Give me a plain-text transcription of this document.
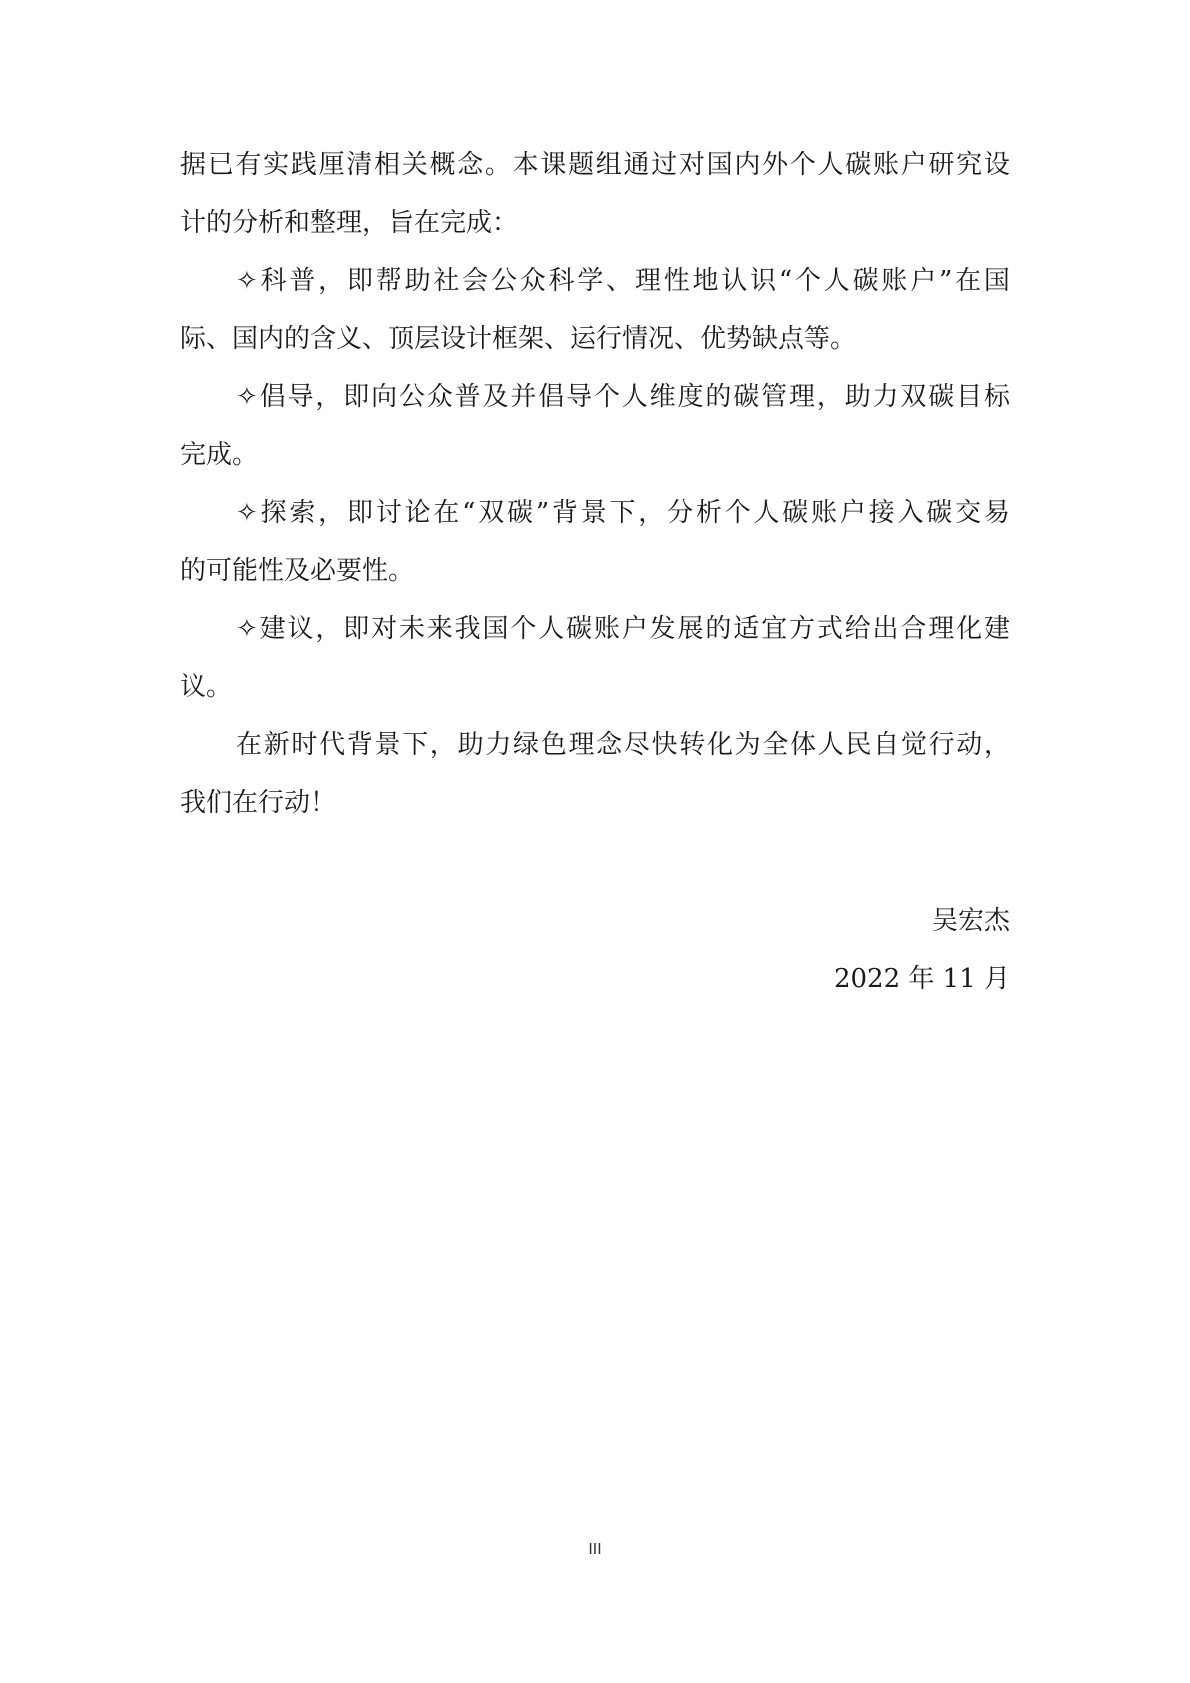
据 已 有 实 践 厘 清 相 关 概 念 。 本 课 题 组 通 过 对 国 内 外 个 人 碳 账 户 研 究 设
计的分析和整理，旨在完成：
✧ 科 普 ， 即 帮 助 社 会 公 众 科 学 、 理 性 地 认 识 “ 个 人 碳 账 户 ” 在 国
际、国内的含义、顶层设计框架、运行情况、优势缺点等。
✧ 倡 导 ， 即 向 公 众 普 及 并 倡 导 个 人 维 度 的 碳 管 理 ， 助 力 双 碳 目 标
完成。
✧ 探 索 ， 即 讨 论 在 “ 双 碳 ” 背 景 下 ， 分 析 个 人 碳 账 户 接 入 碳 交 易
的可能性及必要性。
✧ 建 议 ， 即 对 未 来 我 国 个 人 碳 账 户 发 展 的 适 宜 方 式 给 出 合 理 化 建
议。
在 新 时 代 背 景 下 ， 助 力 绿 色 理 念 尽 快 转 化 为 全 体 人 民 自 觉 行 动 ，
我们在行动！
吴宏杰
2022 年 11 月
III
